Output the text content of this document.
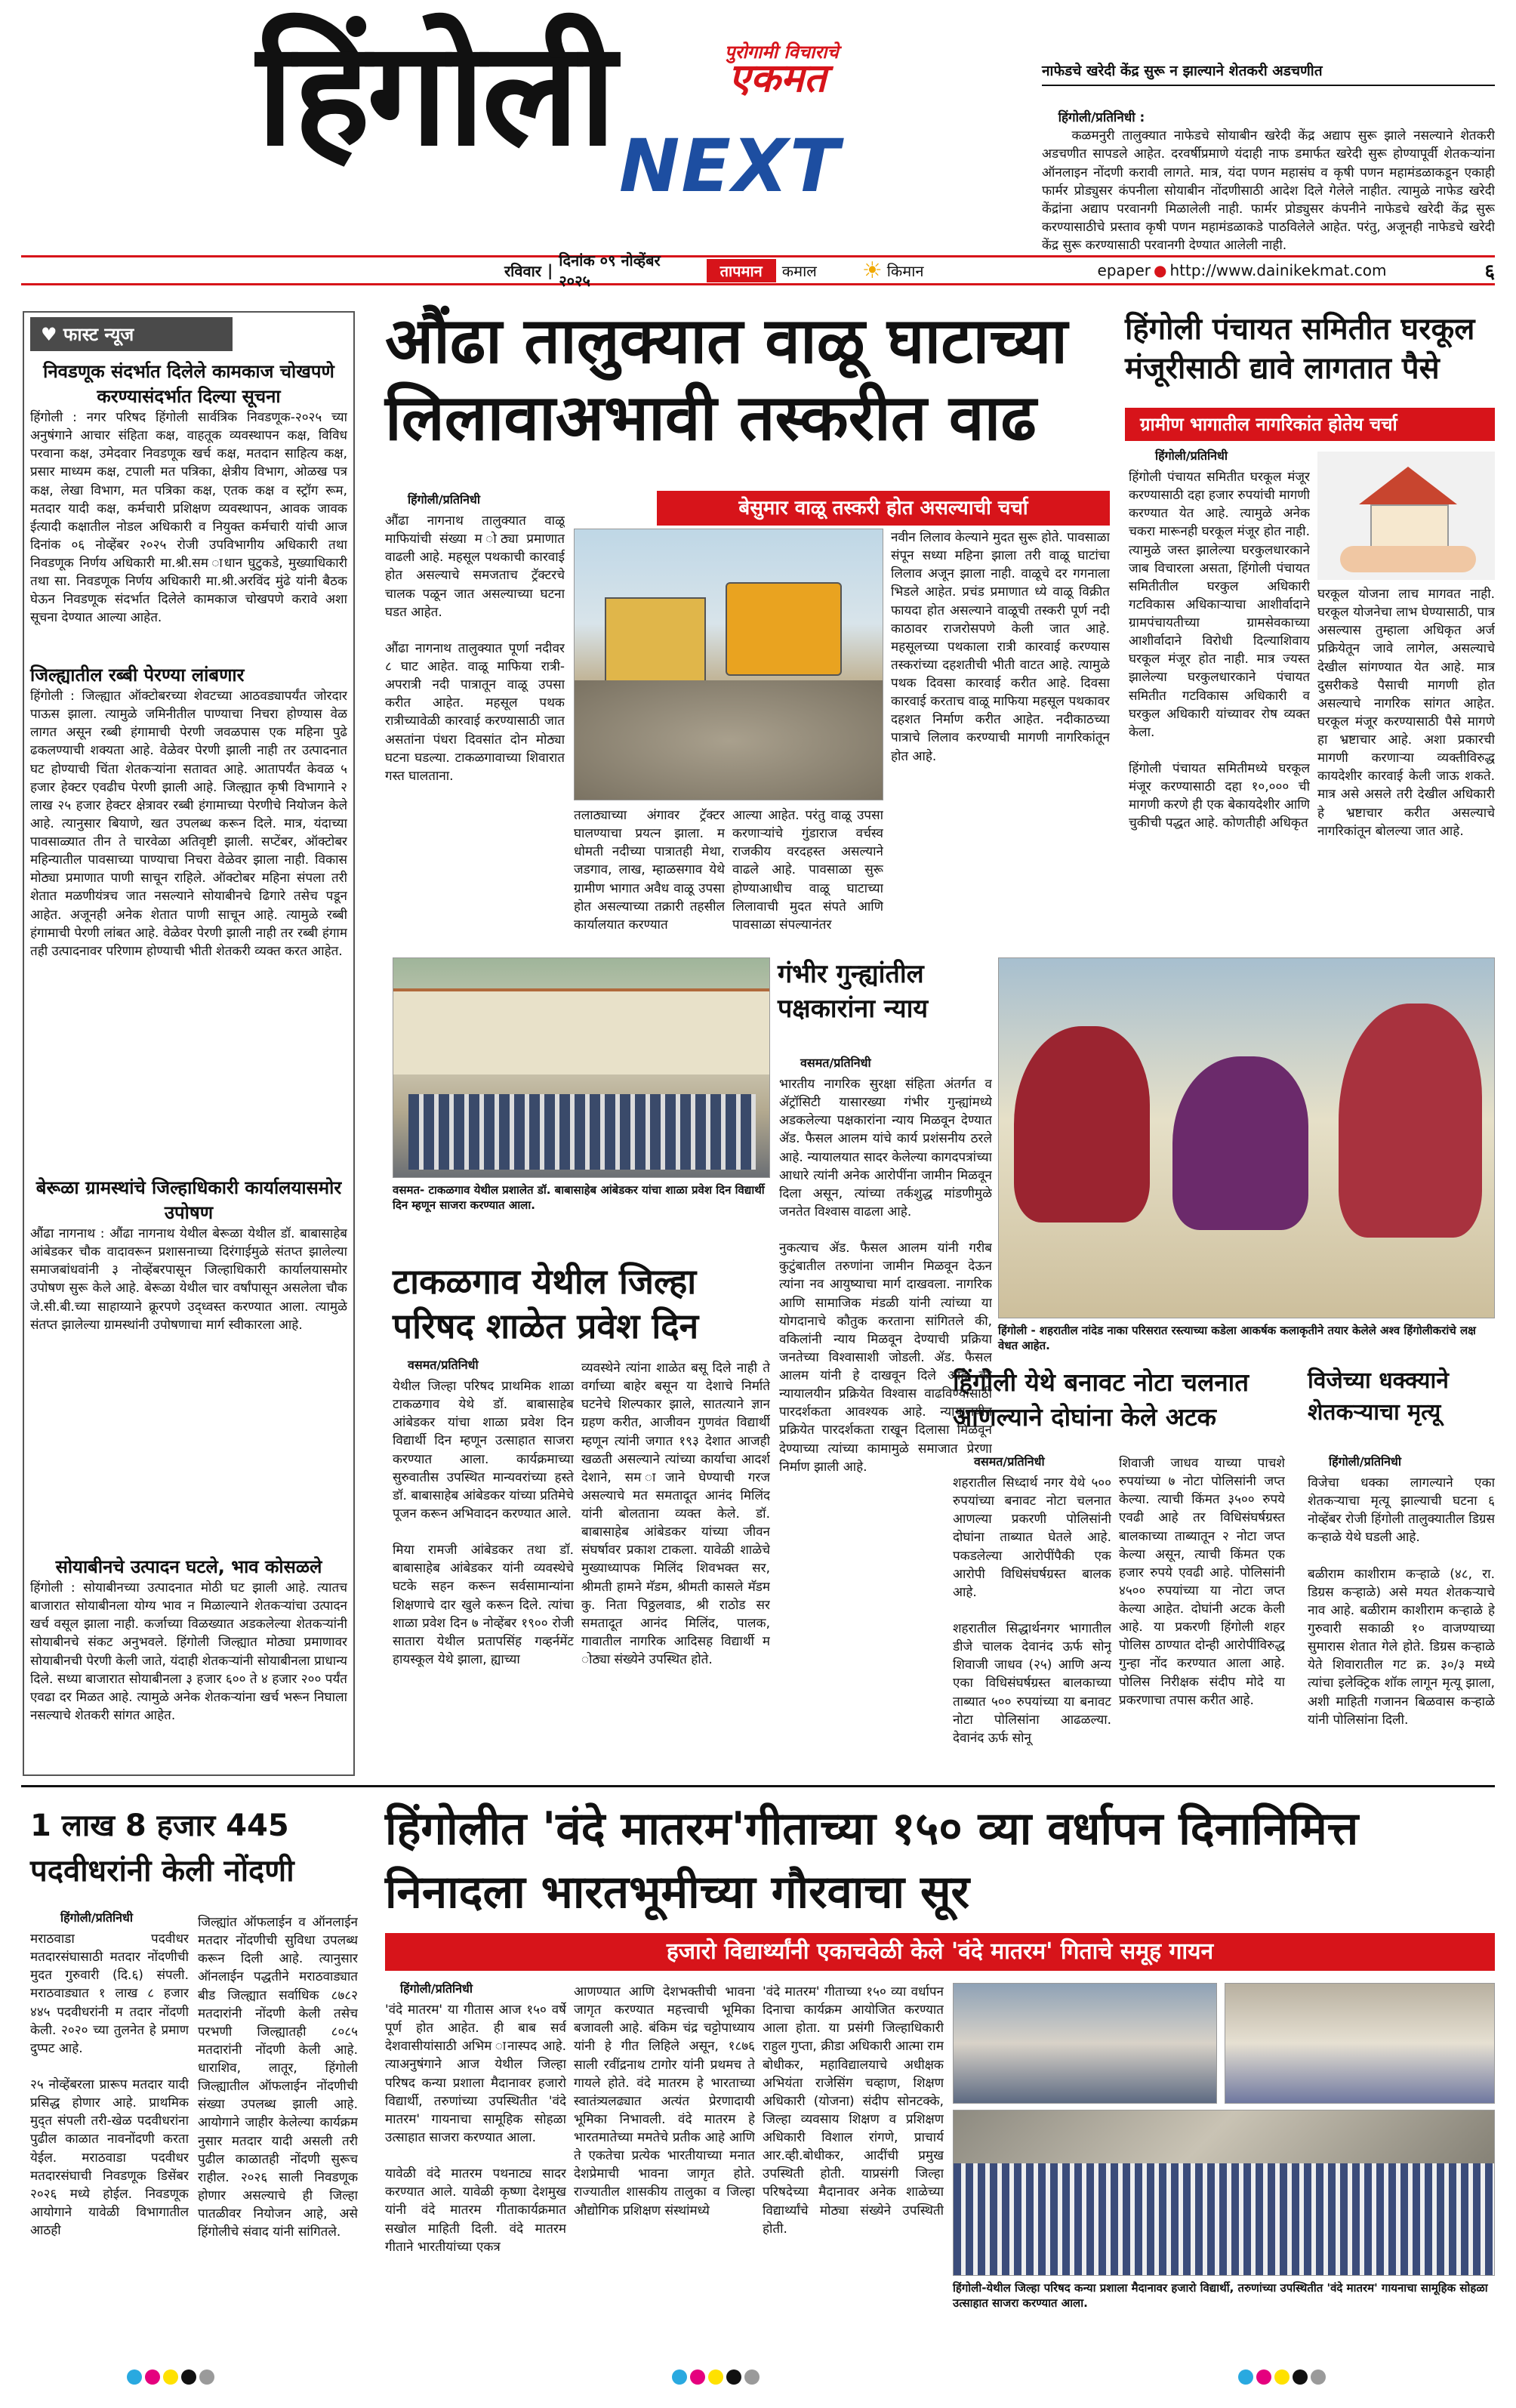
हिंगोली	पुरोगामी विचाराचे
एकमत
NEXT
नाफेडचे खरेदी केंद्र सुरू न झाल्याने शेतकरी अडचणीत

हिंगोली/प्रतिनिधी :
कळमनुरी तालुक्यात नाफेडचे सोयाबीन खरेदी केंद्र अद्याप सुरू झाले नसल्याने शेतकरी अडचणीत सापडले आहेत. दरवर्षीप्रमाणे यंदाही नाफ डमार्फत खरेदी सुरू होण्यापूर्वी शेतकऱ्यांना ऑनलाइन नोंदणी करावी लागते. मात्र, यंदा पणन महासंघ व कृषी पणन महामंडळाकडून एकाही फार्मर प्रोड्युसर कंपनीला सोयाबीन नोंदणीसाठी आदेश दिले गेलेले नाहीत. त्यामुळे नाफेड खरेदी केंद्रांना अद्याप परवानगी मिळालेली नाही. फार्मर प्रोड्युसर कंपनीने नाफेडचे खरेदी केंद्र सुरू करण्यासाठीचे प्रस्ताव कृषी पणन महामंडळाकडे पाठविलेले आहेत. परंतु, अजूनही नाफेडचे खरेदी केंद्र सुरू करण्यासाठी परवानगी देण्यात आलेली नाही.

रविवार |
दिनांक ०९ नोव्हेंबर २०२५
तापमान	कमाल ☀ किमान	epaper ● http://www.dainikekmat.com	६
♥ फास्ट न्यूज
निवडणूक संदर्भात दिलेले कामकाज चोखपणे करण्यासंदर्भात दिल्या सूचना
हिंगोली : नगर परिषद हिंगोली सार्वत्रिक निवडणूक-२०२५ च्या अनुषंगाने आचार संहिता कक्ष, वाहतूक व्यवस्थापन कक्ष, विविध परवाना कक्ष, उमेदवार निवडणूक खर्च कक्ष, मतदान साहित्य कक्ष, प्रसार माध्यम कक्ष, टपाली मत पत्रिका, क्षेत्रीय विभाग, ओळख पत्र कक्ष, लेखा विभाग, मत पत्रिका कक्ष, एतक कक्ष व स्ट्रॉग रूम, मतदार यादी कक्ष, कर्मचारी प्रशिक्षण व्यवस्थापन, आवक जावक ईत्यादी कक्षातील नोडल अधिकारी व नियुक्त कर्मचारी यांची आज दिनांक ०६ नोव्हेंबर २०२५ रोजी उपविभागीय अधिकारी तथा निवडणूक निर्णय अधिकारी मा.श्री.सम ाधान घुटुकडे, मुख्याधिकारी तथा सा. निवडणूक निर्णय अधिकारी मा.श्री.अरविंद मुंढे यांनी बैठक घेऊन निवडणूक संदर्भात दिलेले कामकाज चोखपणे करावे अशा सूचना देण्यात आल्या आहेत.
जिल्ह्यातील रब्बी पेरण्या लांबणार
हिंगोली : जिल्ह्यात ऑक्टोबरच्या शेवटच्या आठवड्यापर्यंत जोरदार पाऊस झाला. त्यामुळे जमिनीतील पाण्याचा निचरा होण्यास वेळ लागत असून रब्बी हंगामाची पेरणी जवळपास एक महिना पुढे ढकलण्याची शक्यता आहे. वेळेवर पेरणी झाली नाही तर उत्पादनात घट होण्याची चिंता शेतकऱ्यांना सतावत आहे. आतापर्यंत केवळ ५ हजार हेक्टर एवढीच पेरणी झाली आहे. जिल्ह्यात कृषी विभागाने २ लाख २५ हजार हेक्टर क्षेत्रावर रब्बी हंगामाच्या पेरणीचे नियोजन केले आहे. त्यानुसार बियाणे, खत उपलब्ध करून दिले. मात्र, यंदाच्या पावसाळ्यात तीन ते चारवेळा अतिवृष्टी झाली. सप्टेंबर, ऑक्टोबर महिन्यातील पावसाच्या पाण्याचा निचरा वेळेवर झाला नाही. विकास मोठ्या प्रमाणात पाणी साचून राहिले. ऑक्टोबर महिना संपला तरी शेतात मळणीयंत्रच जात नसल्याने सोयाबीनचे ढिगारे तसेच पडून आहेत. अजूनही अनेक शेतात पाणी साचून आहे. त्यामुळे रब्बी हंगामाची पेरणी लांबत आहे. वेळेवर पेरणी झाली नाही तर रब्बी हंगाम तही उत्पादनावर परिणाम होण्याची भीती शेतकरी व्यक्त करत आहेत.
बेरूळा ग्रामस्थांचे जिल्हाधिकारी कार्यालयासमोर उपोषण
औंढा नागनाथ : औंढा नागनाथ येथील बेरूळा येथील डॉ. बाबासाहेब आंबेडकर चौक वादावरून प्रशासनाच्या दिरंगाईमुळे संतप्त झालेल्या समाजबांधवांनी ३ नोव्हेंबरपासून जिल्हाधिकारी कार्यालयासमोर उपोषण सुरू केले आहे. बेरूळा येथील चार वर्षांपासून असलेला चौक जे.सी.बी.च्या साहाय्याने क्रूरपणे उद्ध्वस्त करण्यात आला. त्यामुळे संतप्त झालेल्या ग्रामस्थांनी उपोषणाचा मार्ग स्वीकारला आहे.
सोयाबीनचे उत्पादन घटले, भाव कोसळले
हिंगोली : सोयाबीनच्या उत्पादनात मोठी घट झाली आहे. त्यातच बाजारात सोयाबीनला योग्य भाव न मिळाल्याने शेतकऱ्यांचा उत्पादन खर्च वसूल झाला नाही. कर्जाच्या विळख्यात अडकलेल्या शेतकऱ्यांनी सोयाबीनचे संकट अनुभवले. हिंगोली जिल्ह्यात मोठ्या प्रमाणावर सोयाबीनची पेरणी केली जाते, यंदाही शेतकऱ्यांनी सोयाबीनला प्राधान्य दिले. सध्या बाजारात सोयाबीनला ३ हजार ६०० ते ४ हजार २०० पर्यंत एवढा दर मिळत आहे. त्यामुळे अनेक शेतकऱ्यांना खर्च भरून निघाला नसल्याचे शेतकरी सांगत आहेत.
औंढा तालुक्यात वाळू घाटाच्या लिलावाअभावी तस्करीत वाढ
बेसुमार वाळू तस्करी होत असल्याची चर्चा
हिंगोली/प्रतिनिधी
औंढा नागनाथ तालुक्यात वाळू माफियांची संख्या म ोठ्या प्रमाणात वाढली आहे. महसूल पथकाची कारवाई होत असल्याचे समजताच ट्रॅक्टरचे चालक पळून जात असल्याच्या घटना घडत आहेत.

औंढा नागनाथ तालुक्यात पूर्णा नदीवर ८ घाट आहेत. वाळू माफिया रात्री-अपरात्री नदी पात्रातून वाळू उपसा करीत आहेत. महसूल पथक रात्रीच्यावेळी कारवाई करण्यासाठी जात असतांना पंधरा दिवसांत दोन मोठ्या घटना घडल्या. टाकळगावाच्या शिवारात गस्त घालताना.
तलाठ्याच्या अंगावर ट्रॅक्टर घालण्याचा प्रयत्न झाला. म धोमती नदीच्या पात्रातही मेथा, जडगाव, लाख, म्हाळसगाव येथे ग्रामीण भागात अवैध वाळू उपसा होत असल्याच्या तक्रारी तहसील कार्यालयात करण्यात
आल्या आहेत. परंतु वाळू उपसा करणाऱ्यांचे गुंडाराज वर्चस्व राजकीय वरदहस्त असल्याने वाढले आहे. पावसाळा सुरू होण्याआधीच वाळू घाटाच्या लिलावाची मुदत संपते आणि पावसाळा संपल्यानंतर
नवीन लिलाव केल्याने मुदत सुरू होते. पावसाळा संपून सध्या महिना झाला तरी वाळू घाटांचा लिलाव अजून झाला नाही. वाळूचे दर गगनाला भिडले आहेत. प्रचंड प्रमाणात ध्ये वाळू विक्रीत फायदा होत असल्याने वाळूची तस्करी पूर्ण नदी काठावर राजरोसपणे केली जात आहे. महसूलच्या पथकाला रात्री कारवाई करण्यास तस्करांच्या दहशतीची भीती वाटत आहे. त्यामुळे पथक दिवसा कारवाई करीत आहे. दिवसा कारवाई करताच वाळू माफिया महसूल पथकावर दहशत निर्माण करीत आहेत. नदीकाठच्या पात्राचे लिलाव करण्याची मागणी नागरिकांतून होत आहे.
हिंगोली पंचायत समितीत घरकूल मंजूरीसाठी द्यावे लागतात पैसे
ग्रामीण भागातील नागरिकांत होतेय चर्चा
हिंगोली/प्रतिनिधी
हिंगोली पंचायत समितीत घरकूल मंजूर करण्यासाठी दहा हजार रुपयांची मागणी करण्यात येत आहे. त्यामुळे अनेक चकरा मारूनही घरकूल मंजूर होत नाही. त्यामुळे जस्त झालेल्या घरकुलधारकाने जाब विचारला असता, हिंगोली पंचायत समितीतील घरकुल अधिकारी गटविकास अधिकाऱ्याचा आशीर्वादाने ग्रामपंचायतीच्या ग्रामसेवकाच्या आशीर्वादाने विरोधी दिल्याशिवाय घरकूल मंजूर होत नाही. मात्र ज्यस्त झालेल्या घरकुलधारकाने पंचायत समितीत गटविकास अधिकारी व घरकुल अधिकारी यांच्यावर रोष व्यक्त केला.

हिंगोली पंचायत समितीमध्ये घरकूल मंजूर करण्यासाठी दहा १०,००० ची मागणी करणे ही एक बेकायदेशीर आणि चुकीची पद्धत आहे. कोणतीही अधिकृत
घरकूल योजना लाच मागवत नाही. घरकूल योजनेचा लाभ घेण्यासाठी, पात्र असल्यास तुम्हाला अधिकृत अर्ज प्रक्रियेतून जावे लागेल, असल्याचे देखील सांगण्यात येत आहे. मात्र दुसरीकडे पैसाची मागणी होत असल्याचे नागरिक सांगत आहेत. घरकूल मंजूर करण्यासाठी पैसे मागणे हा भ्रष्टाचार आहे. अशा प्रकारची मागणी करणाऱ्या व्यक्तीविरुद्ध कायदेशीर कारवाई केली जाऊ शकते. मात्र असे असले तरी देखील अधिकारी हे भ्रष्टाचार करीत असल्याचे नागरिकांतून बोलल्या जात आहे.
वसमत- टाकळगाव येथील प्रशालेत डॉ. बाबासाहेब आंबेडकर यांचा शाळा प्रवेश दिन विद्यार्थी दिन म्हणून साजरा करण्यात आला.
गंभीर गुन्ह्यांतील पक्षकारांना न्याय
वसमत/प्रतिनिधी
भारतीय नागरिक सुरक्षा संहिता अंतर्गत व ॲट्रॉसिटी यासारख्या गंभीर गुन्ह्यांमध्ये अडकलेल्या पक्षकारांना न्याय मिळवून देण्यात ॲड. फैसल आलम यांचे कार्य प्रशंसनीय ठरले आहे. न्यायालयात सादर केलेल्या कागदपत्रांच्या आधारे त्यांनी अनेक आरोपींना जामीन मिळवून दिला असून, त्यांच्या तर्कशुद्ध मांडणीमुळे जनतेत विश्वास वाढला आहे.

नुकत्याच ॲड. फैसल आलम यांनी गरीब कुटुंबातील तरुणांना जामीन मिळवून देऊन त्यांना नव आयुष्याचा मार्ग दाखवला. नागरिक आणि सामाजिक मंडळी यांनी त्यांच्या या योगदानाचे कौतुक करताना सांगितले की, वकिलांनी न्याय मिळवून देण्याची प्रक्रिया जनतेच्या विश्वासाशी जोडली. ॲड. फैसल आलम यांनी हे दाखवून दिले आहे की न्यायालयीन प्रक्रियेत विश्वास वाढविण्यासाठी पारदर्शकता आवश्यक आहे. न्यायालयीन प्रक्रियेत पारदर्शकता राखून दिलासा मिळवून देण्याच्या त्यांच्या कामामुळे समाजात प्रेरणा निर्माण झाली आहे.
हिंगोली - शहरातील नांदेड नाका परिसरात रस्त्याच्या कडेला आकर्षक कलाकृतीने तयार केलेले अश्व हिंगोलीकरांचे लक्ष वेधत आहेत.
टाकळगाव येथील जिल्हा परिषद शाळेत प्रवेश दिन
वसमत/प्रतिनिधी
येथील जिल्हा परिषद प्राथमिक शाळा टाकळगाव येथे डॉ. बाबासाहेब आंबेडकर यांचा शाळा प्रवेश दिन विद्यार्थी दिन म्हणून उत्साहात साजरा करण्यात आला. कार्यक्रमाच्या सुरुवातीस उपस्थित मान्यवरांच्या हस्ते डॉ. बाबासाहेब आंबेडकर यांच्या प्रतिमेचे पूजन करून अभिवादन करण्यात आले.

मिया रामजी आंबेडकर तथा डॉ. बाबासाहेब आंबेडकर यांनी व्यवस्थेचे घटके सहन करून सर्वसामान्यांना शिक्षणाचे दार खुले करून दिले. त्यांचा शाळा प्रवेश दिन ७ नोव्हेंबर १९०० रोजी सातारा येथील प्रतापसिंह गव्हर्नमेंट हायस्कूल येथे झाला, ह्याच्या
व्यवस्थेने त्यांना शाळेत बसू दिले नाही ते वर्गाच्या बाहेर बसून या देशाचे निर्माते घटनेचे शिल्पकार झाले, सातत्याने ज्ञान ग्रहण करीत, आजीवन गुणवंत विद्यार्थी म्हणून त्यांनी जगात १९३ देशात आजही खळती असल्याने त्यांच्या कार्याचा आदर्श देशाने, सम ाजाने घेण्याची गरज असल्याचे मत समतादूत आनंद मिलिंद यांनी बोलताना व्यक्त केले. डॉ. बाबासाहेब आंबेडकर यांच्या जीवन संघर्षावर प्रकाश टाकला. यावेळी शाळेचे मुख्याध्यापक मिलिंद शिवभक्त सर, श्रीमती हामने मॅडम, श्रीमती कासले मॅडम कु. निता पिठ्ठलवाड, श्री राठोड सर समतादूत आनंद मिलिंद, पालक, गावातील नागरिक आदिसह विद्यार्थी म ोठ्या संख्येने उपस्थित होते.
हिंगोली येथे बनावट नोटा चलनात आणल्याने दोघांना केले अटक
वसमत/प्रतिनिधी
शहरातील सिध्दार्थ नगर येथे ५०० रुपयांच्या बनावट नोटा चलनात आणल्या प्रकरणी पोलिसांनी दोघांना ताब्यात घेतले आहे. पकडलेल्या आरोपींपैकी एक आरोपी विधिसंघर्षग्रस्त बालक आहे.

शहरातील सिद्धार्थनगर भागातील डीजे चालक देवानंद ऊर्फ सोनू शिवाजी जाधव (२५) आणि अन्य एका विधिसंघर्षग्रस्त बालकाच्या ताब्यात ५०० रुपयांच्या या बनावट नोटा पोलिसांना आढळल्या. देवानंद ऊर्फ सोनू
शिवाजी जाधव याच्या पाचशे रुपयांच्या ७ नोटा पोलिसांनी जप्त केल्या. त्याची किंमत ३५०० रुपये एवढी आहे तर विधिसंघर्षग्रस्त बालकाच्या ताब्यातून २ नोटा जप्त केल्या असून, त्याची किंमत एक हजार रुपये एवढी आहे. पोलिसांनी ४५०० रुपयांच्या या नोटा जप्त केल्या आहेत. दोघांनी अटक केली आहे. या प्रकरणी हिंगोली शहर पोलिस ठाण्यात दोन्ही आरोपींविरुद्ध गुन्हा नोंद करण्यात आला आहे. पोलिस निरीक्षक संदीप मोदे या प्रकरणाचा तपास करीत आहे.
विजेच्या धक्क्याने शेतकऱ्याचा मृत्यू
हिंगोली/प्रतिनिधी
विजेचा धक्का लागल्याने एका शेतकऱ्याचा मृत्यू झाल्याची घटना ६ नोव्हेंबर रोजी हिंगोली तालुक्यातील डिग्रस कऱ्हाळे येथे घडली आहे.

बळीराम काशीराम कऱ्हाळे (४८, रा. डिग्रस कऱ्हाळे) असे मयत शेतकऱ्याचे नाव आहे. बळीराम काशीराम कऱ्हाळे हे गुरुवारी सकाळी १० वाजण्याच्या सुमारास शेतात गेले होते. डिग्रस कऱ्हाळे येते शिवारातील गट क्र. ३०/३ मध्ये त्यांचा इलेक्ट्रिक शॉक लागून मृत्यू झाला, अशी माहिती गजानन बिळवास कऱ्हाळे यांनी पोलिसांना दिली.
1 लाख 8 हजार 445 पदवीधरांनी केली नोंदणी
हिंगोली/प्रतिनिधी
मराठवाडा पदवीधर मतदारसंघासाठी मतदार नोंदणीची मुदत गुरुवारी (दि.६) संपली. मराठवाड्यात १ लाख ८ हजार ४४५ पदवीधरांनी म तदार नोंदणी केली. २०२० च्या तुलनेत हे प्रमाण दुप्पट आहे.

२५ नोव्हेंबरला प्रारूप मतदार यादी प्रसिद्ध होणार आहे. प्राथमिक मुद्त संपली तरी-खेळ पदवीधरांना पुढील काळात नावनोंदणी करता येईल. मराठवाडा पदवीधर मतदारसंघाची निवडणूक डिसेंबर २०२६ मध्ये होईल. निवडणूक आयोगाने यावेळी विभागातील आठही
जिल्ह्यांत ऑफलाईन व ऑनलाईन मतदार नोंदणीची सुविधा उपलब्ध करून दिली आहे. त्यानुसार ऑनलाईन पद्धतीने मराठवाड्यात बीड जिल्ह्यात सर्वाधिक ८७८२ मतदारांनी नोंदणी केली तसेच परभणी जिल्ह्यातही ८०८५ मतदारांनी नोंदणी केली आहे. धाराशिव, लातूर, हिंगोली जिल्ह्यातील ऑफलाईन नोंदणीची संख्या उपलब्ध झाली आहे. आयोगाने जाहीर केलेल्या कार्यक्रम नुसार मतदार यादी असली तरी पुढील काळातही नोंदणी सुरूच राहील. २०२६ साली निवडणूक होणार असल्याचे ही जिल्हा पातळीवर नियोजन आहे, असे हिंगोलीचे संवाद यांनी सांगितले.
हिंगोलीत 'वंदे मातरम'गीताच्या १५० व्या वर्धापन दिनानिमित्त निनादला भारतभूमीच्या गौरवाचा सूर
हजारो विद्यार्थ्यांनी एकाचवेळी केले 'वंदे मातरम' गिताचे समूह गायन
हिंगोली/प्रतिनिधी
'वंदे मातरम' या गीतास आज १५० वर्षे पूर्ण होत आहेत. ही बाब सर्व देशवासीयांसाठी अभिम ानास्पद आहे. त्याअनुषंगाने आज येथील जिल्हा परिषद कन्या प्रशाला मैदानावर हजारो विद्यार्थी, तरुणांच्या उपस्थितीत 'वंदे मातरम' गायनाचा सामूहिक सोहळा उत्साहात साजरा करण्यात आला.

यावेळी वंदे मातरम पथनाट्य सादर करण्यात आले. यावेळी कृष्णा देशमुख यांनी वंदे मातरम गीताकार्यक्रमात सखोल माहिती दिली. वंदे मातरम गीताने भारतीयांच्या एकत्र
आणण्यात आणि देशभक्तीची भावना जागृत करण्यात महत्त्वाची भूमिका बजावली आहे. बंकिम चंद्र चट्टोपाध्याय यांनी हे गीत लिहिले असून, १८७६ साली रवींद्रनाथ टागोर यांनी प्रथमच ते गायले होते. वंदे मातरम हे भारताच्या स्वातंत्र्यलढ्यात अत्यंत प्रेरणादायी भूमिका निभावली. वंदे मातरम हे भारतमातेच्या ममतेचे प्रतीक आहे आणि ते एकतेचा प्रत्येक भारतीयाच्या मनात देशप्रेमाची भावना जागृत होते. राज्यातील शासकीय तालुका व जिल्हा औद्योगिक प्रशिक्षण संस्थांमध्ये
'वंदे मातरम' गीताच्या १५० व्या वर्धापन दिनाचा कार्यक्रम आयोजित करण्यात आला होता. या प्रसंगी जिल्हाधिकारी राहुल गुप्ता, क्रीडा अधिकारी आत्मा राम बोधीकर, महाविद्यालयाचे अधीक्षक अभियंता राजेसिंग चव्हाण, शिक्षण अधिकारी (योजना) संदीप सोनटक्के, जिल्हा व्यवसाय शिक्षण व प्रशिक्षण अधिकारी विशाल रांगणे, प्राचार्य आर.व्ही.बोधीकर, आदींची प्रमुख उपस्थिती होती. याप्रसंगी जिल्हा परिषदेच्या मैदानावर अनेक शाळेच्या विद्यार्थ्यांचे मोठ्या संख्येने उपस्थिती होती.
हिंगोली-येथील जिल्हा परिषद कन्या प्रशाला मैदानावर हजारो विद्यार्थी, तरुणांच्या उपस्थितीत 'वंदे मातरम' गायनाचा सामूहिक सोहळा उत्साहात साजरा करण्यात आला.
